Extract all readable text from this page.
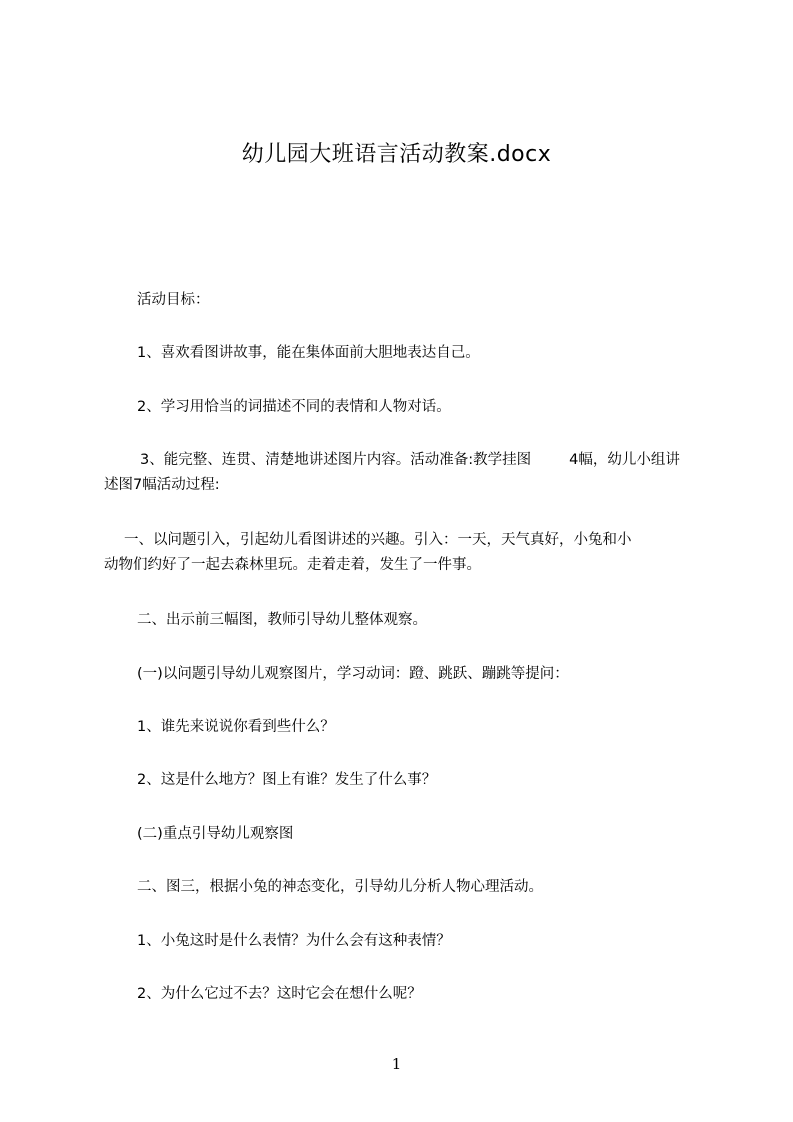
幼儿园大班语言活动教案.docx
活动目标：
1、喜欢看图讲故事，能在集体面前大胆地表达自己。
2、学习用恰当的词描述不同的表情和人物对话。
3、能完整、连贯、清楚地讲述图片内容。活动准备:教学挂图	4幅，幼儿小组讲
述图7幅活动过程:
一、以问题引入，引起幼儿看图讲述的兴趣。引入：一天，天气真好，小兔和小
动物们约好了一起去森林里玩。走着走着，发生了一件事。
二、出示前三幅图，教师引导幼儿整体观察。
(一)以问题引导幼儿观察图片，学习动词：蹬、跳跃、蹦跳等提问：
1、谁先来说说你看到些什么？
2、这是什么地方？图上有谁？发生了什么事？
(二)重点引导幼儿观察图
二、图三，根据小兔的神态变化，引导幼儿分析人物心理活动。
1、小兔这时是什么表情？为什么会有这种表情？
2、为什么它过不去？这时它会在想什么呢？
1
